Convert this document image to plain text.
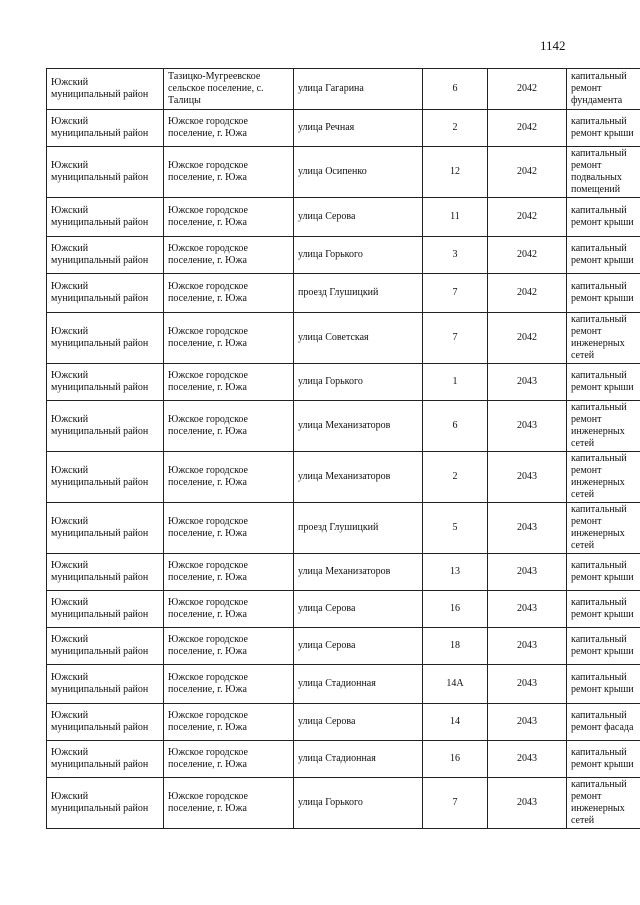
1142
Южский муниципальный район	Тазицко-Мугреевское сельское поселение, с. Талицы	улица Гагарина	6	2042	капитальный ремонт фундамента
Южский муниципальный район	Южское городское поселение, г. Южа	улица Речная	2	2042	капитальный ремонт крыши
Южский муниципальный район	Южское городское поселение, г. Южа	улица Осипенко	12	2042	капитальный ремонт подвальных помещений
Южский муниципальный район	Южское городское поселение, г. Южа	улица Серова	11	2042	капитальный ремонт крыши
Южский муниципальный район	Южское городское поселение, г. Южа	улица Горького	3	2042	капитальный ремонт крыши
Южский муниципальный район	Южское городское поселение, г. Южа	проезд Глушицкий	7	2042	капитальный ремонт крыши
Южский муниципальный район	Южское городское поселение, г. Южа	улица Советская	7	2042	капитальный ремонт инженерных сетей
Южский муниципальный район	Южское городское поселение, г. Южа	улица Горького	1	2043	капитальный ремонт крыши
Южский муниципальный район	Южское городское поселение, г. Южа	улица Механизаторов	6	2043	капитальный ремонт инженерных сетей
Южский муниципальный район	Южское городское поселение, г. Южа	улица Механизаторов	2	2043	капитальный ремонт инженерных сетей
Южский муниципальный район	Южское городское поселение, г. Южа	проезд Глушицкий	5	2043	капитальный ремонт инженерных сетей
Южский муниципальный район	Южское городское поселение, г. Южа	улица Механизаторов	13	2043	капитальный ремонт крыши
Южский муниципальный район	Южское городское поселение, г. Южа	улица Серова	16	2043	капитальный ремонт крыши
Южский муниципальный район	Южское городское поселение, г. Южа	улица Серова	18	2043	капитальный ремонт крыши
Южский муниципальный район	Южское городское поселение, г. Южа	улица Стадионная	14А	2043	капитальный ремонт крыши
Южский муниципальный район	Южское городское поселение, г. Южа	улица Серова	14	2043	капитальный ремонт фасада
Южский муниципальный район	Южское городское поселение, г. Южа	улица Стадионная	16	2043	капитальный ремонт крыши
Южский муниципальный район	Южское городское поселение, г. Южа	улица Горького	7	2043	капитальный ремонт инженерных сетей
